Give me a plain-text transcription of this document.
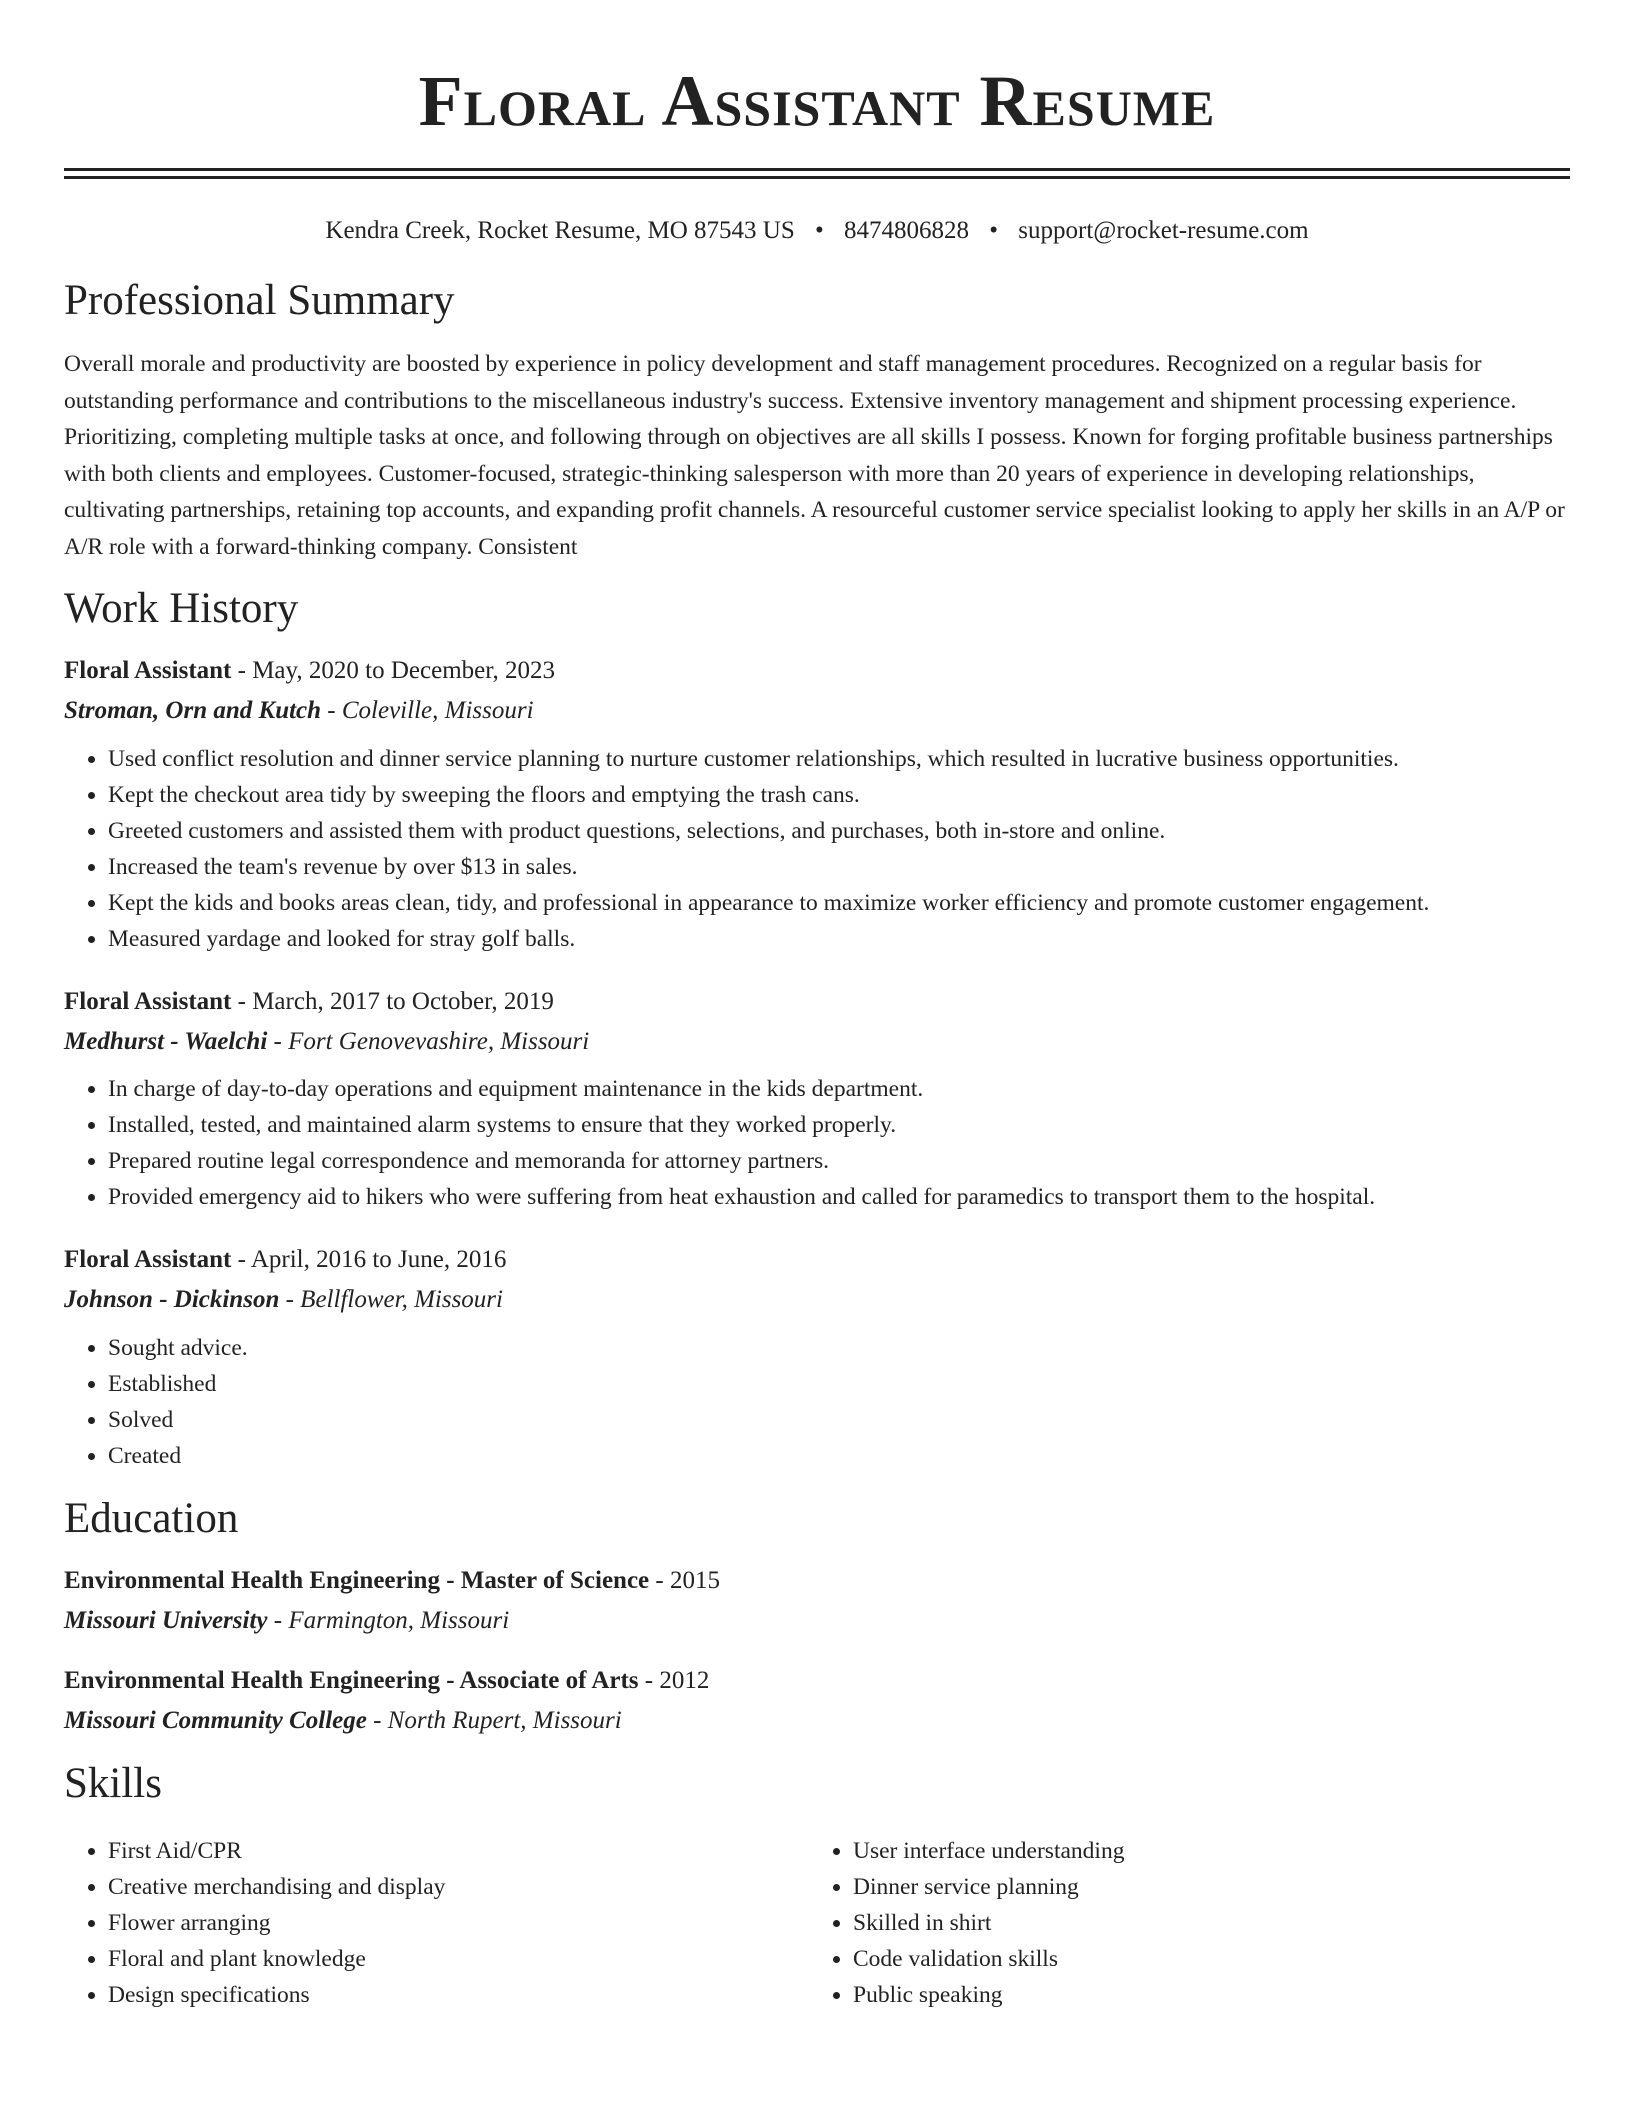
Floral Assistant Resume
Kendra Creek, Rocket Resume, MO 87543 US • 8474806828 • support@rocket-resume.com
Professional Summary

Overall morale and productivity are boosted by experience in policy development and staff management procedures. Recognized on a regular basis for outstanding performance and contributions to the miscellaneous industry's success. Extensive inventory management and shipment processing experience. Prioritizing, completing multiple tasks at once, and following through on objectives are all skills I possess. Known for forging profitable business partnerships with both clients and employees. Customer-focused, strategic-thinking salesperson with more than 20 years of experience in developing relationships, cultivating partnerships, retaining top accounts, and expanding profit channels. A resourceful customer service specialist looking to apply her skills in an A/P or A/R role with a forward-thinking company. Consistent

Work History
Floral Assistant - May, 2020 to December, 2023
Stroman, Orn and Kutch - Coleville, Missouri
• Used conflict resolution and dinner service planning to nurture customer relationships, which resulted in lucrative business opportunities.
• Kept the checkout area tidy by sweeping the floors and emptying the trash cans.
• Greeted customers and assisted them with product questions, selections, and purchases, both in-store and online.
• Increased the team's revenue by over $13 in sales.
• Kept the kids and books areas clean, tidy, and professional in appearance to maximize worker efficiency and promote customer engagement.
• Measured yardage and looked for stray golf balls.
Floral Assistant - March, 2017 to October, 2019
Medhurst - Waelchi - Fort Genovevashire, Missouri
• In charge of day-to-day operations and equipment maintenance in the kids department.
• Installed, tested, and maintained alarm systems to ensure that they worked properly.
• Prepared routine legal correspondence and memoranda for attorney partners.
• Provided emergency aid to hikers who were suffering from heat exhaustion and called for paramedics to transport them to the hospital.
Floral Assistant - April, 2016 to June, 2016
Johnson - Dickinson - Bellflower, Missouri
• Sought advice.
• Established
• Solved
• Created
Education
Environmental Health Engineering - Master of Science - 2015
Missouri University - Farmington, Missouri
Environmental Health Engineering - Associate of Arts - 2012
Missouri Community College - North Rupert, Missouri
Skills
• First Aid/CPR
• Creative merchandising and display
• Flower arranging
• Floral and plant knowledge
• Design specifications
• User interface understanding
• Dinner service planning
• Skilled in shirt
• Code validation skills
• Public speaking
